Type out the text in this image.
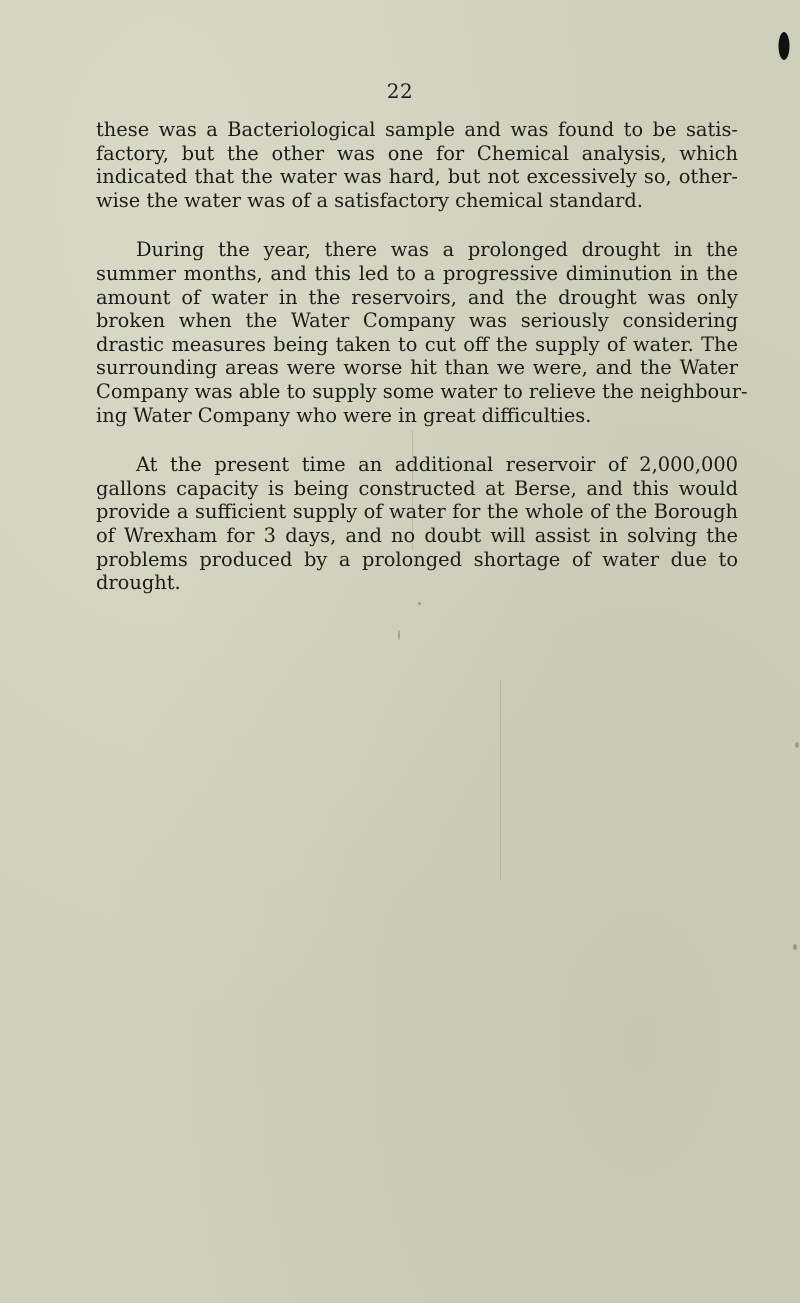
22
these was a Bacteriological sample and was found to be satis-
factory, but the other was one for Chemical analysis, which
indicated that the water was hard, but not excessively so, other-
wise the water was of a satisfactory chemical standard.
During the year, there was a prolonged drought in the
summer months, and this led to a progressive diminution in the
amount of water in the reservoirs, and the drought was only
broken when the Water Company was seriously considering
drastic measures being taken to cut off the supply of water. The
surrounding areas were worse hit than we were, and the Water
Company was able to supply some water to relieve the neighbour-
ing Water Company who were in great difficulties.
At the present time an additional reservoir of 2,000,000
gallons capacity is being constructed at Berse, and this would
provide a sufficient supply of water for the whole of the Borough
of Wrexham for 3 days, and no doubt will assist in solving the
problems produced by a prolonged shortage of water due to
drought.
